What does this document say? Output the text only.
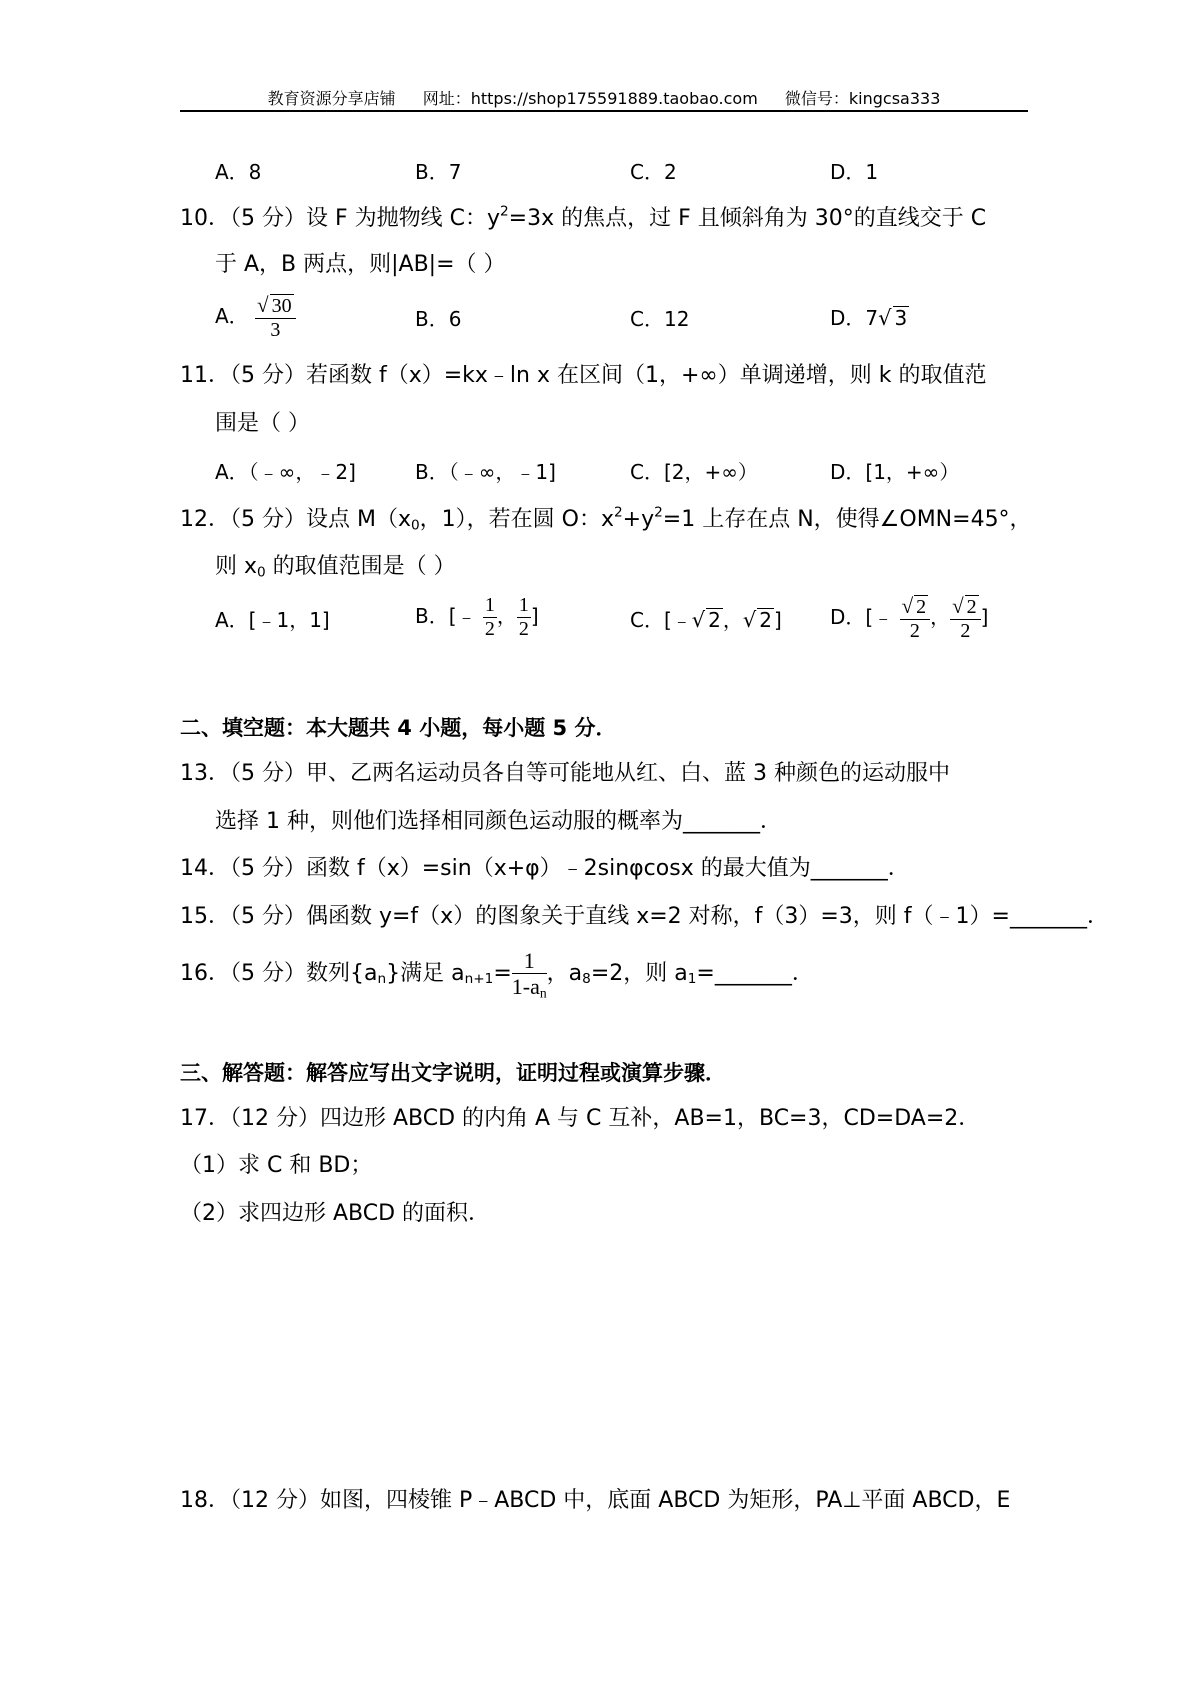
教育资源分享店铺 网址：https://shop175591889.taobao.com 微信号：kingcsa333
A．8	B．7	C．2	D．1
10．（5 分）设 F 为抛物线 C：$y^2=3x$ 的焦点，过 F 且倾斜角为 30°的直线交于 C
于 A，B 两点，则|AB|=（ ）
A． $\frac{√ 30}{3}$	B．6	C．12	D．7√ 3
11．（5 分）若函数 f（x）=kx﹣ln x 在区间（1，+∞）单调递增，则 k 的取值范
围是（ ）
A．（﹣∞，﹣2]	B．（﹣∞，﹣1]	C．[2，+∞）	D．[1，+∞）
12．（5 分）设点 $M(x_0$，1），若在圆 O：$x^2+y^2=1$ 上存在点 N，使得∠OMN=45°，
则 $x_0$ 的取值范围是（ ）
A．[﹣1，1]	B．[﹣ $\frac{1}{2}$ ， $\frac{1}{2}$ ]	C．[﹣√ 2 ，√ 2 ] D．[﹣ $\frac{√ 2}{2}$ ， $\frac{√ 2}{2}$ ]
二、填空题：本大题共 4 小题，每小题 5 分．
13．（5 分）甲、乙两名运动员各自等可能地从红、白、蓝 3 种颜色的运动服中
选择 1 种，则他们选择相同颜色运动服的概率为_______．
14．（5 分）函数 f（x）=sin（x+φ）﹣2sinφcosx 的最大值为_______．
15．（5 分）偶函数 y=f（x）的图象关于直线 x=2 对称，f（3）=3，则 f（﹣1）=_______．
16．（5 分）数列$\{a_n\}$满足 $a_{n+1}= \frac{1}{1-a_n}$ ，$a_8=2$，则 $a_1=\_\_\_\_\_\_\_$．
三、解答题：解答应写出文字说明，证明过程或演算步骤．
17．（12 分）四边形 ABCD 的内角 A 与 C 互补，AB=1，BC=3，CD=DA=2．
（1）求 C 和 BD；
（2）求四边形 ABCD 的面积．
18．（12 分）如图，四棱锥 P﹣ABCD 中，底面 ABCD 为矩形，PA⊥平面 ABCD，E
